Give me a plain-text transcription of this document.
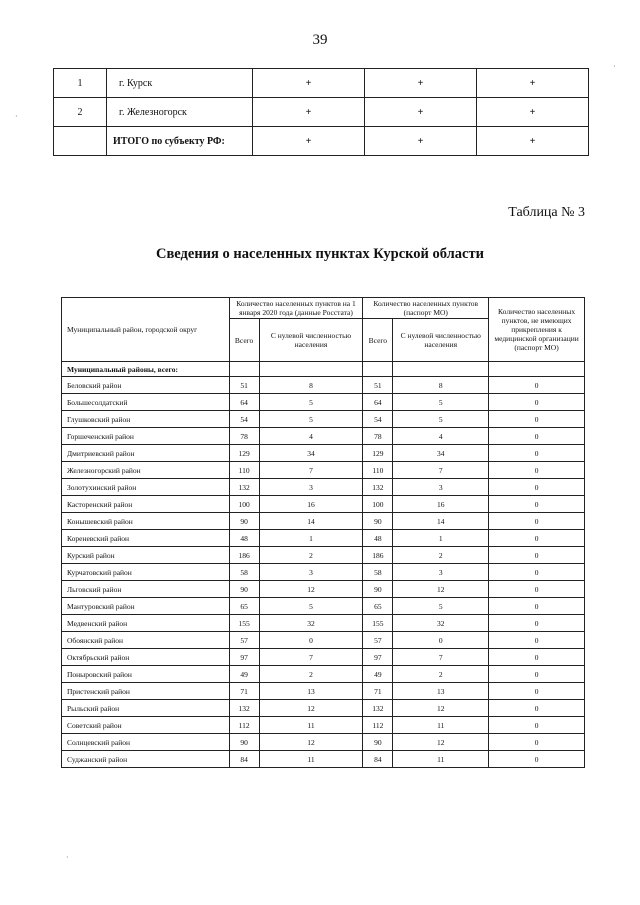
39
1	г. Курск	+	+	+
2	г. Железногорск	+	+	+
	ИТОГО по субъекту РФ:	+	+	+
Таблица № 3
Сведения о населенных пунктах Курской области
Муниципальный район, городской округ	Количество населенных пунктов на 1 января 2020 года (данные Росстата)		Количество населенных пунктов (паспорт МО)		Количество населенных пунктов, не имеющих прикрепления к медицинской организации (паспорт МО)
	Всего	С нулевой численностью населения	Всего	С нулевой численностью населения	
Муниципальный районы, всего:					
Беловский район	51	8	51	8	0
Большесолдатский	64	5	64	5	0
Глушковский район	54	5	54	5	0
Горшеченский район	78	4	78	4	0
Дмитриевский район	129	34	129	34	0
Железногорский район	110	7	110	7	0
Золотухинский район	132	3	132	3	0
Касторенский район	100	16	100	16	0
Конышевский район	90	14	90	14	0
Кореневский район	48	1	48	1	0
Курский район	186	2	186	2	0
Курчатовский район	58	3	58	3	0
Льговский район	90	12	90	12	0
Мантуровский район	65	5	65	5	0
Медвенский район	155	32	155	32	0
Обоянский район	57	0	57	0	0
Октябрьский район	97	7	97	7	0
Поныровский район	49	2	49	2	0
Пристенский район	71	13	71	13	0
Рыльский район	132	12	132	12	0
Советский район	112	11	112	11	0
Солнцевский район	90	12	90	12	0
Суджанский район	84	11	84	11	0
·
·
·
